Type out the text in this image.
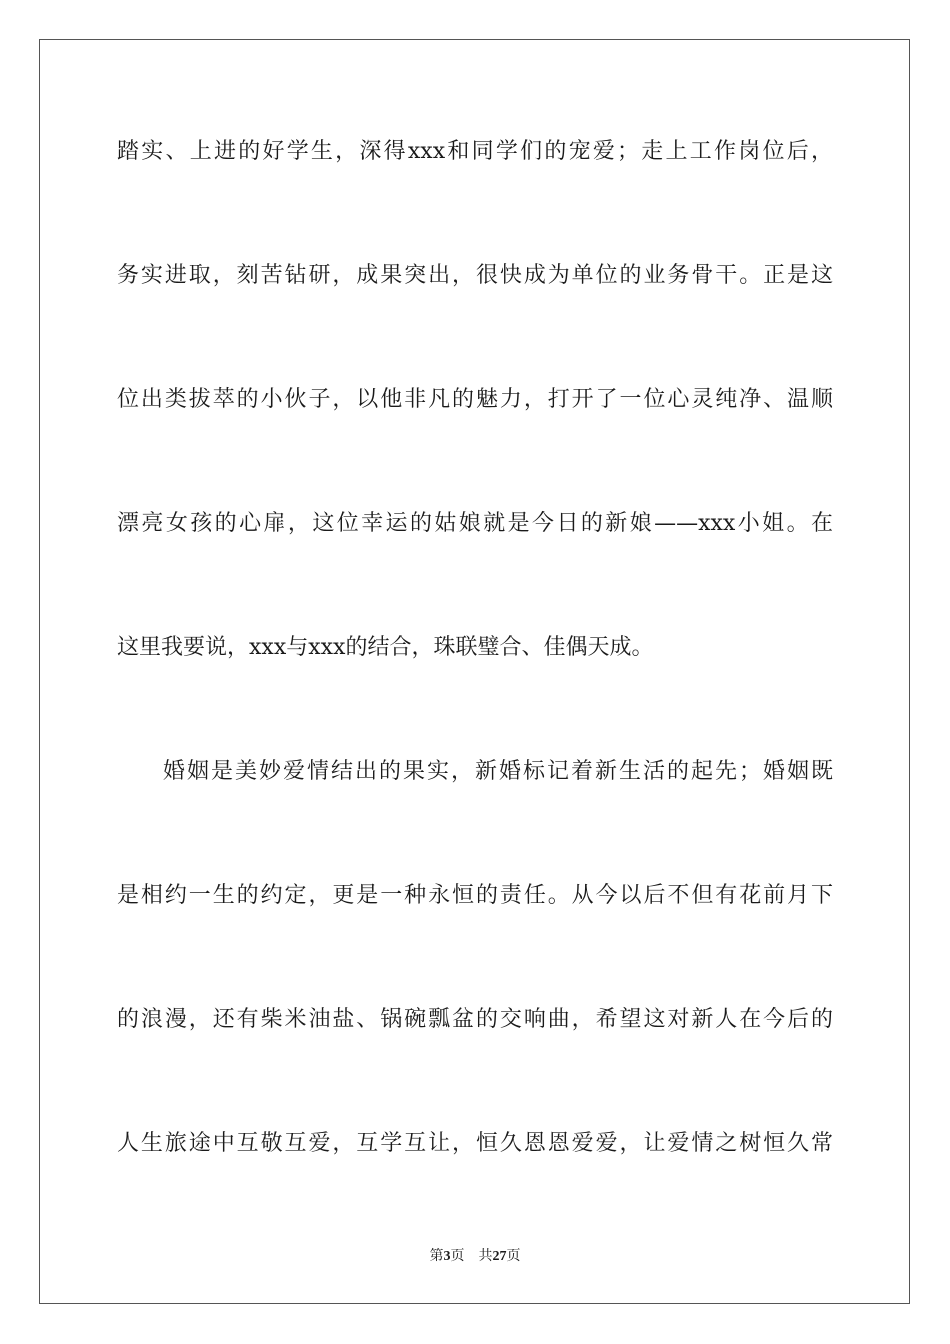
踏实、上进的好学生，深得xxx和同学们的宠爱；走上工作岗位后，
务实进取，刻苦钻研，成果突出，很快成为单位的业务骨干。正是这
位出类拔萃的小伙子，以他非凡的魅力，打开了一位心灵纯净、温顺
漂亮女孩的心扉，这位幸运的姑娘就是今日的新娘——xxx小姐。在
这里我要说，xxx与xxx的结合，珠联璧合、佳偶天成。
婚姻是美妙爱情结出的果实，新婚标记着新生活的起先；婚姻既
是相约一生的约定，更是一种永恒的责任。从今以后不但有花前月下
的浪漫，还有柴米油盐、锅碗瓢盆的交响曲，希望这对新人在今后的
人生旅途中互敬互爱，互学互让，恒久恩恩爱爱，让爱情之树恒久常
第3页 共27页
